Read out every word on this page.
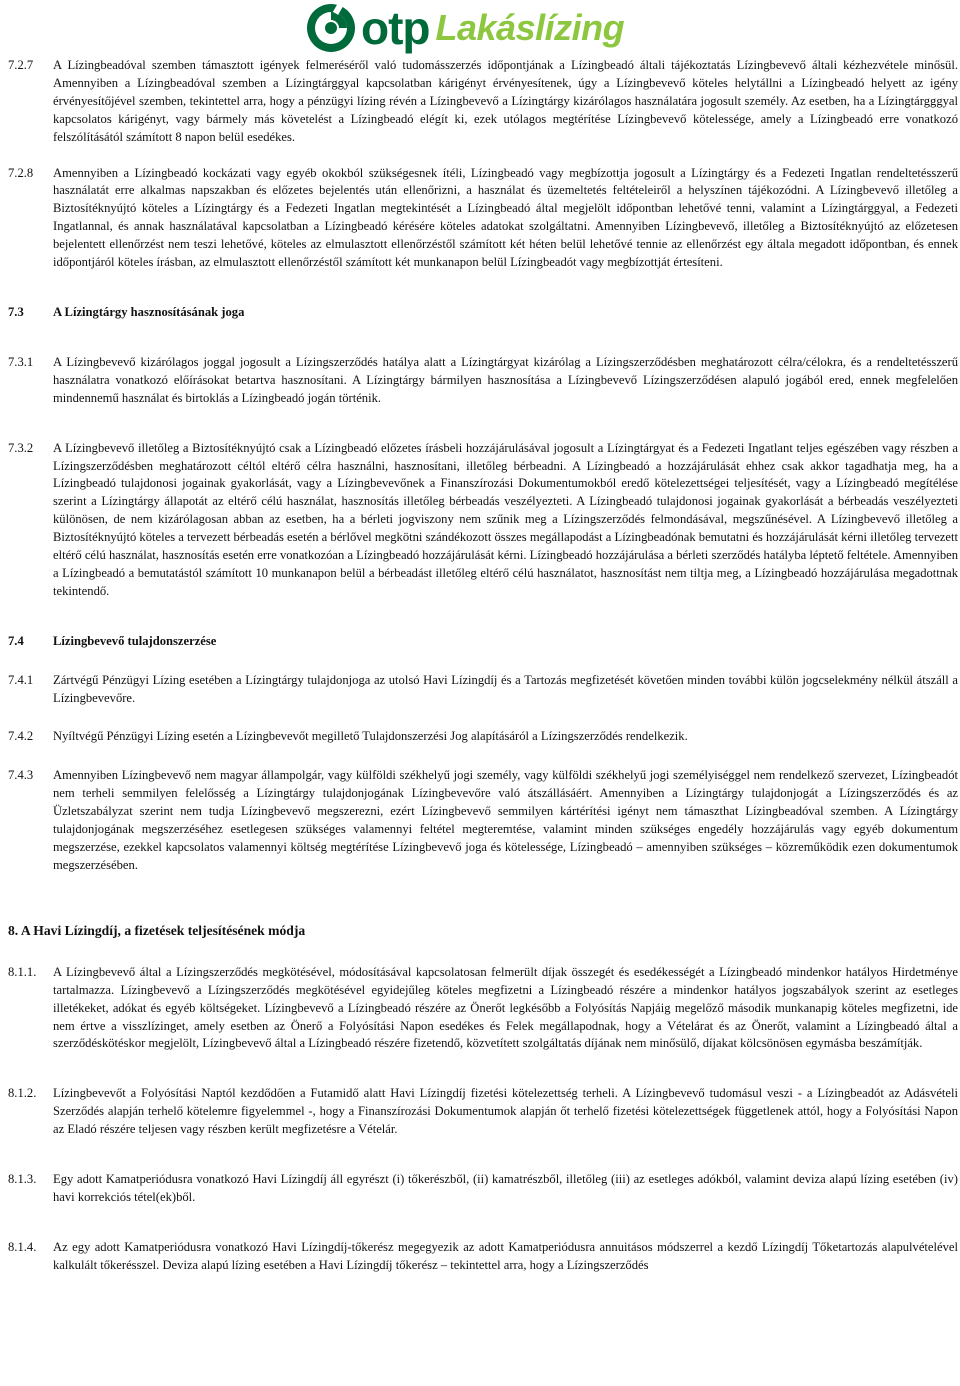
otp Lakáslízing
7.2.7	A Lízingbeadóval szemben támasztott igények felmeréséről való tudomásszerzés időpontjának a Lízingbeadó általi tájékoztatás Lízingbevevő általi kézhezvétele minősül. Amennyiben a Lízingbeadóval szemben a Lízingtárggyal kapcsolatban kárigényt érvényesítenek, úgy a Lízingbevevő köteles helytállni a Lízingbeadó helyett az igény érvényesítőjével szemben, tekintettel arra, hogy a pénzügyi lízing révén a Lízingbevevő a Lízingtárgy kizárólagos használatára jogosult személy. Az esetben, ha a Lízingtárgggyal kapcsolatos kárigényt, vagy bármely más követelést a Lízingbeadó elégít ki, ezek utólagos megtérítése Lízingbevevő kötelessége, amely a Lízingbeadó erre vonatkozó felszólításától számított 8 napon belül esedékes.
7.2.8	Amennyiben a Lízingbeadó kockázati vagy egyéb okokból szükségesnek ítéli, Lízingbeadó vagy megbízottja jogosult a Lízingtárgy és a Fedezeti Ingatlan rendeltetésszerű használatát erre alkalmas napszakban és előzetes bejelentés után ellenőrizni, a használat és üzemeltetés feltételeiről a helyszínen tájékozódni. A Lízingbevevő illetőleg a Biztosítéknyújtó köteles a Lízingtárgy és a Fedezeti Ingatlan megtekintését a Lízingbeadó által megjelölt időpontban lehetővé tenni, valamint a Lízingtárggyal, a Fedezeti Ingatlannal, és annak használatával kapcsolatban a Lízingbeadó kérésére köteles adatokat szolgáltatni. Amennyiben Lízingbevevő, illetőleg a Biztosítéknyújtó az előzetesen bejelentett ellenőrzést nem teszi lehetővé, köteles az elmulasztott ellenőrzéstől számított két héten belül lehetővé tennie az ellenőrzést egy általa megadott időpontban, és ennek időpontjáról köteles írásban, az elmulasztott ellenőrzéstől számított két munkanapon belül Lízingbeadót vagy megbízottját értesíteni.
7.3	A Lízingtárgy hasznosításának joga
7.3.1	A Lízingbevevő kizárólagos joggal jogosult a Lízingszerződés hatálya alatt a Lízingtárgyat kizárólag a Lízingszerződésben meghatározott célra/célokra, és a rendeltetésszerű használatra vonatkozó előírásokat betartva hasznosítani. A Lízingtárgy bármilyen hasznosítása a Lízingbevevő Lízingszerződésen alapuló jogából ered, ennek megfelelően mindennemű használat és birtoklás a Lízingbeadó jogán történik.
7.3.2	A Lízingbevevő illetőleg a Biztosítéknyújtó csak a Lízingbeadó előzetes írásbeli hozzájárulásával jogosult a Lízingtárgyat és a Fedezeti Ingatlant teljes egészében vagy részben a Lízingszerződésben meghatározott céltól eltérő célra használni, hasznosítani, illetőleg bérbeadni. A Lízingbeadó a hozzájárulását ehhez csak akkor tagadhatja meg, ha a Lízingbeadó tulajdonosi jogainak gyakorlását, vagy a Lízingbevevőnek a Finanszírozási Dokumentumokból eredő kötelezettségei teljesítését, vagy a Lízingbeadó megítélése szerint a Lízingtárgy állapotát az eltérő célú használat, hasznosítás illetőleg bérbeadás veszélyezteti. A Lízingbeadó tulajdonosi jogainak gyakorlását a bérbeadás veszélyezteti különösen, de nem kizárólagosan abban az esetben, ha a bérleti jogviszony nem szűnik meg a Lízingszerződés felmondásával, megszűnésével. A Lízingbevevő illetőleg a Biztosítéknyújtó köteles a tervezett bérbeadás esetén a bérlővel megkötni szándékozott összes megállapodást a Lízingbeadónak bemutatni és hozzájárulását kérni illetőleg tervezett eltérő célú használat, hasznosítás esetén erre vonatkozóan a Lízingbeadó hozzájárulását kérni. Lízingbeadó hozzájárulása a bérleti szerződés hatályba léptető feltétele. Amennyiben a Lízingbeadó a bemutatástól számított 10 munkanapon belül a bérbeadást illetőleg eltérő célú használatot, hasznosítást nem tiltja meg, a Lízingbeadó hozzájárulása megadottnak tekintendő.
7.4	Lízingbevevő tulajdonszerzése
7.4.1	Zártvégű Pénzügyi Lízing esetében a Lízingtárgy tulajdonjoga az utolsó Havi Lízingdíj és a Tartozás megfizetését követően minden további külön jogcselekmény nélkül átszáll a Lízingbevevőre.
7.4.2	Nyíltvégű Pénzügyi Lízing esetén a Lízingbevevőt megillető Tulajdonszerzési Jog alapításáról a Lízingszerződés rendelkezik.
7.4.3	Amennyiben Lízingbevevő nem magyar állampolgár, vagy külföldi székhelyű jogi személy, vagy külföldi székhelyű jogi személyiséggel nem rendelkező szervezet, Lízingbeadót nem terheli semmilyen felelősség a Lízingtárgy tulajdonjogának Lízingbevevőre való átszállásáért. Amennyiben a Lízingtárgy tulajdonjogát a Lízingszerződés és az Üzletszabályzat szerint nem tudja Lízingbevevő megszerezni, ezért Lízingbevevő semmilyen kártérítési igényt nem támaszthat Lízingbeadóval szemben. A Lízingtárgy tulajdonjogának megszerzéséhez esetlegesen szükséges valamennyi feltétel megteremtése, valamint minden szükséges engedély hozzájárulás vagy egyéb dokumentum megszerzése, ezekkel kapcsolatos valamennyi költség megtérítése Lízingbevevő joga és kötelessége, Lízingbeadó – amennyiben szükséges – közreműködik ezen dokumentumok megszerzésében.
8. A Havi Lízingdíj, a fizetések teljesítésének módja
8.1.1.	A Lízingbevevő által a Lízingszerződés megkötésével, módosításával kapcsolatosan felmerült díjak összegét és esedékességét a Lízingbeadó mindenkor hatályos Hirdetménye tartalmazza. Lízingbevevő a Lízingszerződés megkötésével egyidejűleg köteles megfizetni a Lízingbeadó részére a mindenkor hatályos jogszabályok szerint az esetleges illetékeket, adókat és egyéb költségeket. Lízingbevevő a Lízingbeadó részére az Önerőt legkésőbb a Folyósítás Napjáig megelőző második munkanapig köteles megfizetni, ide nem értve a visszlízinget, amely esetben az Önerő a Folyósítási Napon esedékes és Felek megállapodnak, hogy a Vételárat és az Önerőt, valamint a Lízingbeadó által a szerződéskötéskor megjelölt, Lízingbevevő által a Lízingbeadó részére fizetendő, közvetített szolgáltatás díjának nem minősülő, díjakat kölcsönösen egymásba beszámítják.
8.1.2.	Lízingbevevőt a Folyósítási Naptól kezdődően a Futamidő alatt Havi Lízingdíj fizetési kötelezettség terheli. A Lízingbevevő tudomásul veszi - a Lízingbeadót az Adásvételi Szerződés alapján terhelő kötelemre figyelemmel -, hogy a Finanszírozási Dokumentumok alapján őt terhelő fizetési kötelezettségek függetlenek attól, hogy a Folyósítási Napon az Eladó részére teljesen vagy részben került megfizetésre a Vételár.
8.1.3.	Egy adott Kamatperiódusra vonatkozó Havi Lízingdíj áll egyrészt (i) tőkerészből, (ii) kamatrészből, illetőleg (iii) az esetleges adókból, valamint deviza alapú lízing esetében (iv) havi korrekciós tétel(ek)ből.
8.1.4.	Az egy adott Kamatperiódusra vonatkozó Havi Lízingdíj-tőkerész megegyezik az adott Kamatperiódusra annuitásos módszerrel a kezdő Lízingdíj Tőketartozás alapulvételével kalkulált tőkerésszel. Deviza alapú lízing esetében a Havi Lízingdíj tőkerész – tekintettel arra, hogy a Lízingszerződés
